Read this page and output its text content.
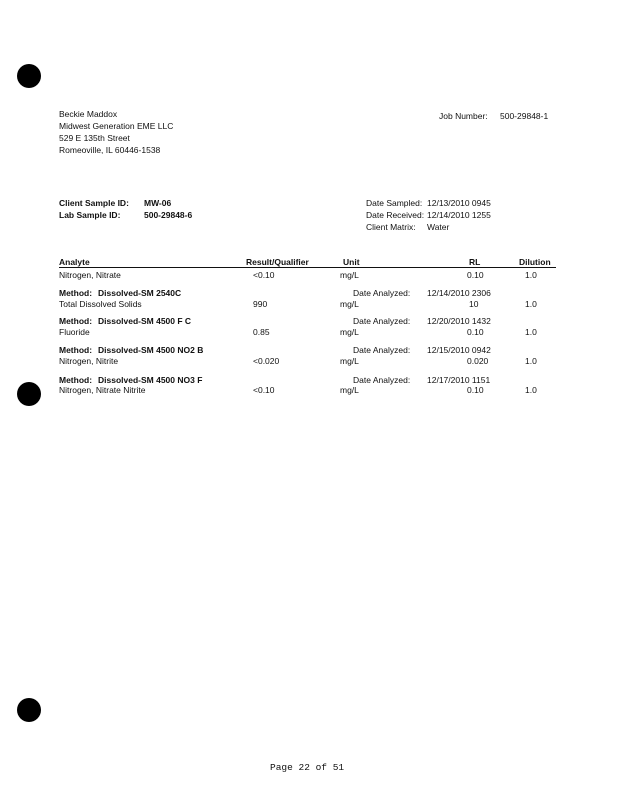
Beckie Maddox
Midwest Generation EME LLC
529 E 135th Street
Romeoville, IL 60446-1538
Job Number: 500-29848-1
Client Sample ID: MW-06
Lab Sample ID:	500-29848-6
Date Sampled: 12/13/2010 0945
Date Received: 12/14/2010 1255
Client Matrix: Water
Analyte	Result/Qualifier	Unit	RL	Dilution
Nitrogen, Nitrate	<0.10	mg/L	0.10	1.0
Method: Dissolved-SM 2540C	Date Analyzed: 12/14/2010 2306
Total Dissolved Solids	990	mg/L	10	1.0
Method: Dissolved-SM 4500 F C	Date Analyzed: 12/20/2010 1432
Fluoride	0.85	mg/L	0.10	1.0
Method: Dissolved-SM 4500 NO2 B	Date Analyzed: 12/15/2010 0942
Nitrogen, Nitrite	<0.020	mg/L	0.020	1.0
Method: Dissolved-SM 4500 NO3 F	Date Analyzed: 12/17/2010 1151
Nitrogen, Nitrate Nitrite	<0.10	mg/L	0.10	1.0
Page 22 of 51
